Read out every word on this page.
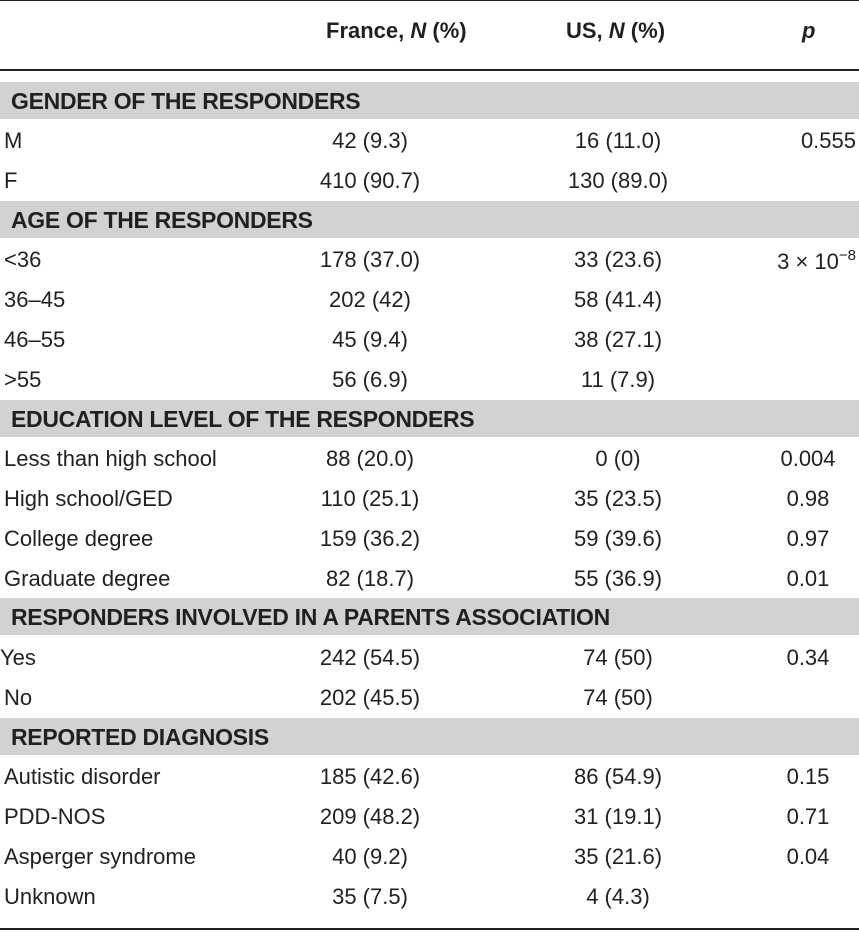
France, N (%)	US, N (%)	p
GENDER OF THE RESPONDERS
M	42 (9.3)	16 (11.0)	0.555
F	410 (90.7)	130 (89.0)
AGE OF THE RESPONDERS
<36	178 (37.0)	33 (23.6)	$3 \times 10^{-8}$
36–45	202 (42)	58 (41.4)
46–55	45 (9.4)	38 (27.1)
>55	56 (6.9)	11 (7.9)
EDUCATION LEVEL OF THE RESPONDERS
Less than high school	88 (20.0)	0 (0)	0.004
High school/GED	110 (25.1)	35 (23.5)	0.98
College degree	159 (36.2)	59 (39.6)	0.97
Graduate degree	82 (18.7)	55 (36.9)	0.01
RESPONDERS INVOLVED IN A PARENTS ASSOCIATION
Yes	242 (54.5)	74 (50)	0.34
No	202 (45.5)	74 (50)
REPORTED DIAGNOSIS
Autistic disorder	185 (42.6)	86 (54.9)	0.15
PDD-NOS	209 (48.2)	31 (19.1)	0.71
Asperger syndrome	40 (9.2)	35 (21.6)	0.04
Unknown	35 (7.5)	4 (4.3)
